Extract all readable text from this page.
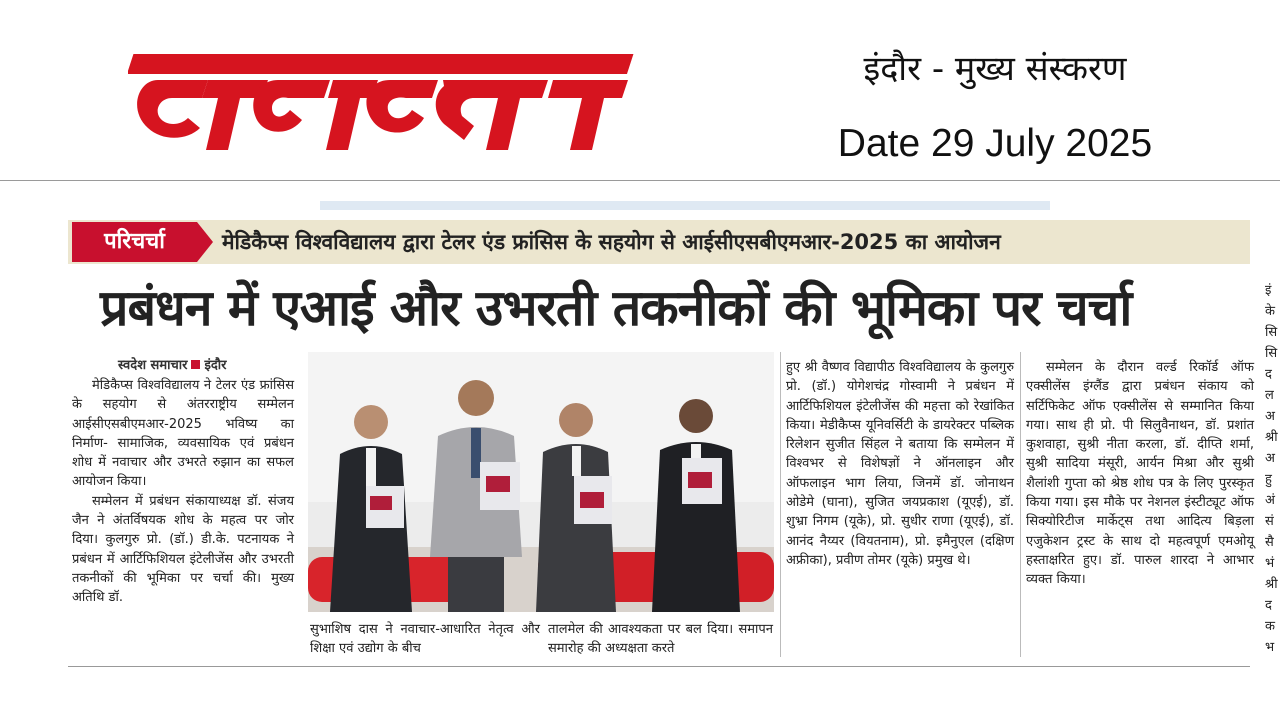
इंदौर - मुख्य संस्करण
Date 29 July 2025
परिचर्चा	मेडिकैप्स विश्वविद्यालय द्वारा टेलर एंड फ्रांसिस के सहयोग से आईसीएसबीएमआर-2025 का आयोजन
प्रबंधन में एआई और उभरती तकनीकों की भूमिका पर चर्चा
स्वदेश समाचार इंदौर

मेडिकैप्स विश्वविद्यालय ने टेलर एंड फ्रांसिस के सहयोग से अंतरराष्ट्रीय सम्मेलन आईसीएसबीएमआर-2025 भविष्य का निर्माण- सामाजिक, व्यवसायिक एवं प्रबंधन शोध में नवाचार और उभरते रुझान का सफल आयोजन किया।

सम्मेलन में प्रबंधन संकायाध्यक्ष डॉ. संजय जैन ने अंतर्विषयक शोध के महत्व पर जोर दिया। कुलगुरु प्रो. (डॉ.) डी.के. पटनायक ने प्रबंधन में आर्टिफिशियल इंटेलीजेंस और उभरती तकनीकों की भूमिका पर चर्चा की। मुख्य अतिथि डॉ.

सुभाशिष दास ने नवाचार-आधारित नेतृत्व और शिक्षा एवं उद्योग के बीच

तालमेल की आवश्यकता पर बल दिया। समापन समारोह की अध्यक्षता करते

हुए श्री वैष्णव विद्यापीठ विश्वविद्यालय के कुलगुरु प्रो. (डॉ.) योगेशचंद्र गोस्वामी ने प्रबंधन में आर्टिफिशियल इंटेलीजेंस की महत्ता को रेखांकित किया। मेडीकैप्स यूनिवर्सिटी के डायरेक्टर पब्लिक रिलेशन सुजीत सिंहल ने बताया कि सम्मेलन में विश्वभर से विशेषज्ञों ने ऑनलाइन और ऑफलाइन भाग लिया, जिनमें डॉ. जोनाथन ओडेमे (घाना), सुजित जयप्रकाश (यूएई), डॉ. शुभ्रा निगम (यूके), प्रो. सुधीर राणा (यूएई), डॉ. आनंद नैय्यर (वियतनाम), प्रो. इमैनुएल (दक्षिण अफ्रीका), प्रवीण तोमर (यूके) प्रमुख थे।

सम्मेलन के दौरान वर्ल्ड रिकॉर्ड ऑफ एक्सीलेंस इंग्लैंड द्वारा प्रबंधन संकाय को सर्टिफिकेट ऑफ एक्सीलेंस से सम्मानित किया गया। साथ ही प्रो. पी सिलुवैनाथन, डॉ. प्रशांत कुशवाहा, सुश्री नीता करला, डॉ. दीप्ति शर्मा, सुश्री सादिया मंसूरी, आर्यन मिश्रा और सुश्री शैलांशी गुप्ता को श्रेष्ठ शोध पत्र के लिए पुरस्कृत किया गया। इस मौके पर नेशनल इंस्टीट्यूट ऑफ सिक्योरिटीज मार्केट्स तथा आदित्य बिड़ला एजुकेशन ट्रस्ट के साथ दो महत्वपूर्ण एमओयू हस्ताक्षरित हुए। डॉ. पारुल शारदा ने आभार व्यक्त किया।

इं
के
सि
सि
द
ल
अ
श्री
अ
हु
अं
सं
सै
भं
श्री
द
क
भ
